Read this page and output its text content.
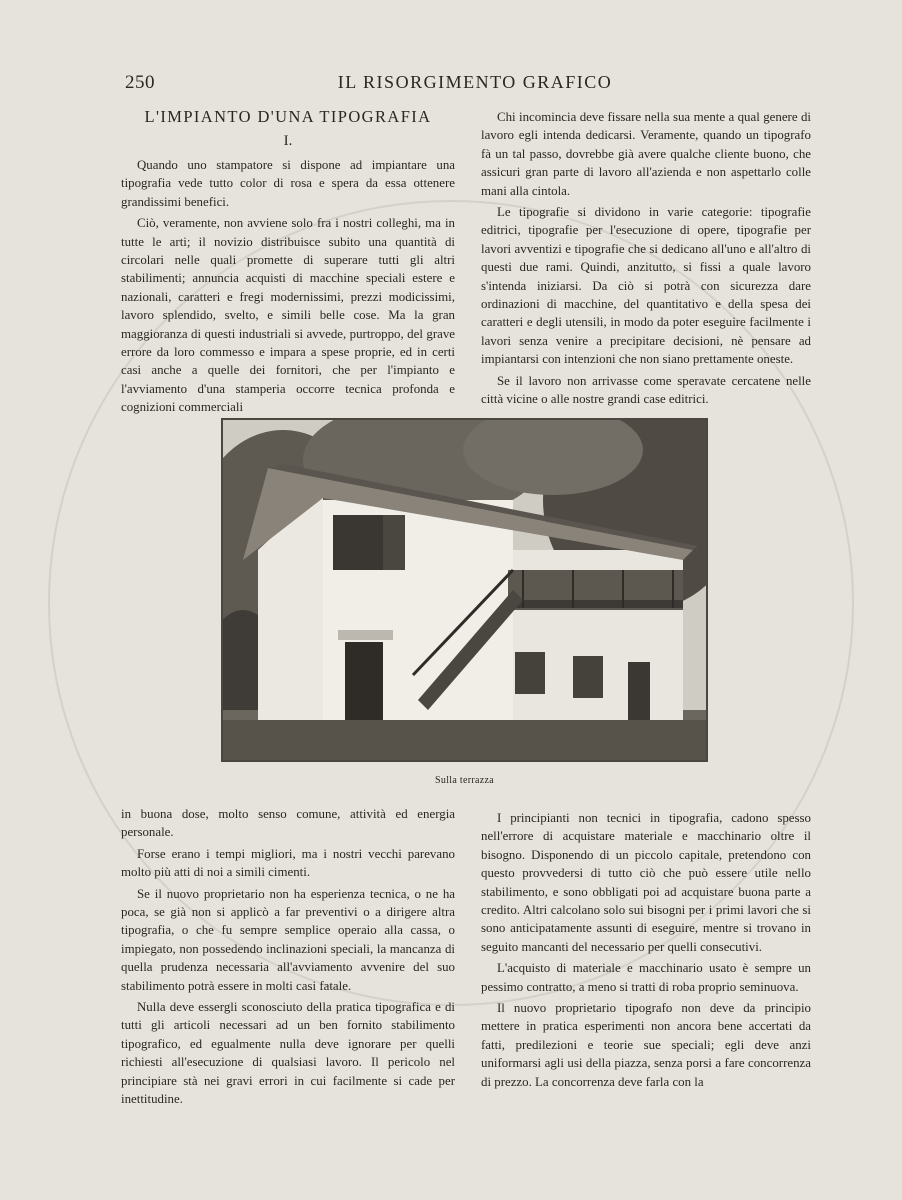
250	IL RISORGIMENTO GRAFICO
L'IMPIANTO D'UNA TIPOGRAFIA
I.

Quando uno stampatore si dispone ad impiantare una tipografia vede tutto color di rosa e spera da essa ottenere grandissimi benefici.

Ciò, veramente, non avviene solo fra i nostri colleghi, ma in tutte le arti; il novizio distribuisce subito una quantità di circolari nelle quali promette di superare tutti gli altri stabilimenti; annuncia acquisti di macchine speciali estere e nazionali, caratteri e fregi modernissimi, prezzi modicissimi, lavoro splendido, svelto, e simili belle cose. Ma la gran maggioranza di questi industriali si avvede, purtroppo, del grave errore da loro commesso e impara a spese proprie, ed in certi casi anche a quelle dei fornitori, che per l'impianto e l'avviamento d'una stamperia occorre tecnica profonda e cognizioni commerciali

Chi incomincia deve fissare nella sua mente a qual genere di lavoro egli intenda dedicarsi. Veramente, quando un tipografo fà un tal passo, dovrebbe già avere qualche cliente buono, che assicuri gran parte di lavoro all'azienda e non aspettarlo colle mani alla cintola.

Le tipografie si dividono in varie categorie: tipografie editrici, tipografie per l'esecuzione di opere, tipografie per lavori avventizi e tipografie che si dedicano all'uno e all'altro di questi due rami. Quindi, anzitutto, si fissi a quale lavoro s'intenda iniziarsi. Da ciò si potrà con sicurezza dare ordinazioni di macchine, del quantitativo e della spesa dei caratteri e degli utensili, in modo da poter eseguire facilmente i lavori senza venire a precipitare decisioni, nè pensare ad impiantarsi con intenzioni che non siano prettamente oneste.

Se il lavoro non arrivasse come speravate cercatene nelle città vicine o alle nostre grandi case editrici.

Sulla terrazza

in buona dose, molto senso comune, attività ed energia personale.

Forse erano i tempi migliori, ma i nostri vecchi parevano molto più atti di noi a simili cimenti.

Se il nuovo proprietario non ha esperienza tecnica, o ne ha poca, se già non si applicò a far preventivi o a dirigere altra tipografia, o che fu sempre semplice operaio alla cassa, o impiegato, non possedendo inclinazioni speciali, la mancanza di quella prudenza necessaria all'avviamento avvenire del suo stabilimento potrà essere in molti casi fatale.

Nulla deve essergli sconosciuto della pratica tipografica e di tutti gli articoli necessari ad un ben fornito stabilimento tipografico, ed egualmente nulla deve ignorare per quelli richiesti all'esecuzione di qualsiasi lavoro. Il pericolo nel principiare stà nei gravi errori in cui facilmente si cade per inettitudine.

I principianti non tecnici in tipografia, cadono spesso nell'errore di acquistare materiale e macchinario oltre il bisogno. Disponendo di un piccolo capitale, pretendono con questo provvedersi di tutto ciò che può essere utile nello stabilimento, e sono obbligati poi ad acquistare buona parte a credito. Altri calcolano solo sui bisogni per i primi lavori che si sono anticipatamente assunti di eseguire, mentre si trovano in seguito mancanti del necessario per quelli consecutivi.

L'acquisto di materiale e macchinario usato è sempre un pessimo contratto, a meno si tratti di roba proprio seminuova.

Il nuovo proprietario tipografo non deve da principio mettere in pratica esperimenti non ancora bene accertati da fatti, predilezioni e teorie sue speciali; egli deve anzi uniformarsi agli usi della piazza, senza porsi a fare concorrenza di prezzo. La concorrenza deve farla con la
